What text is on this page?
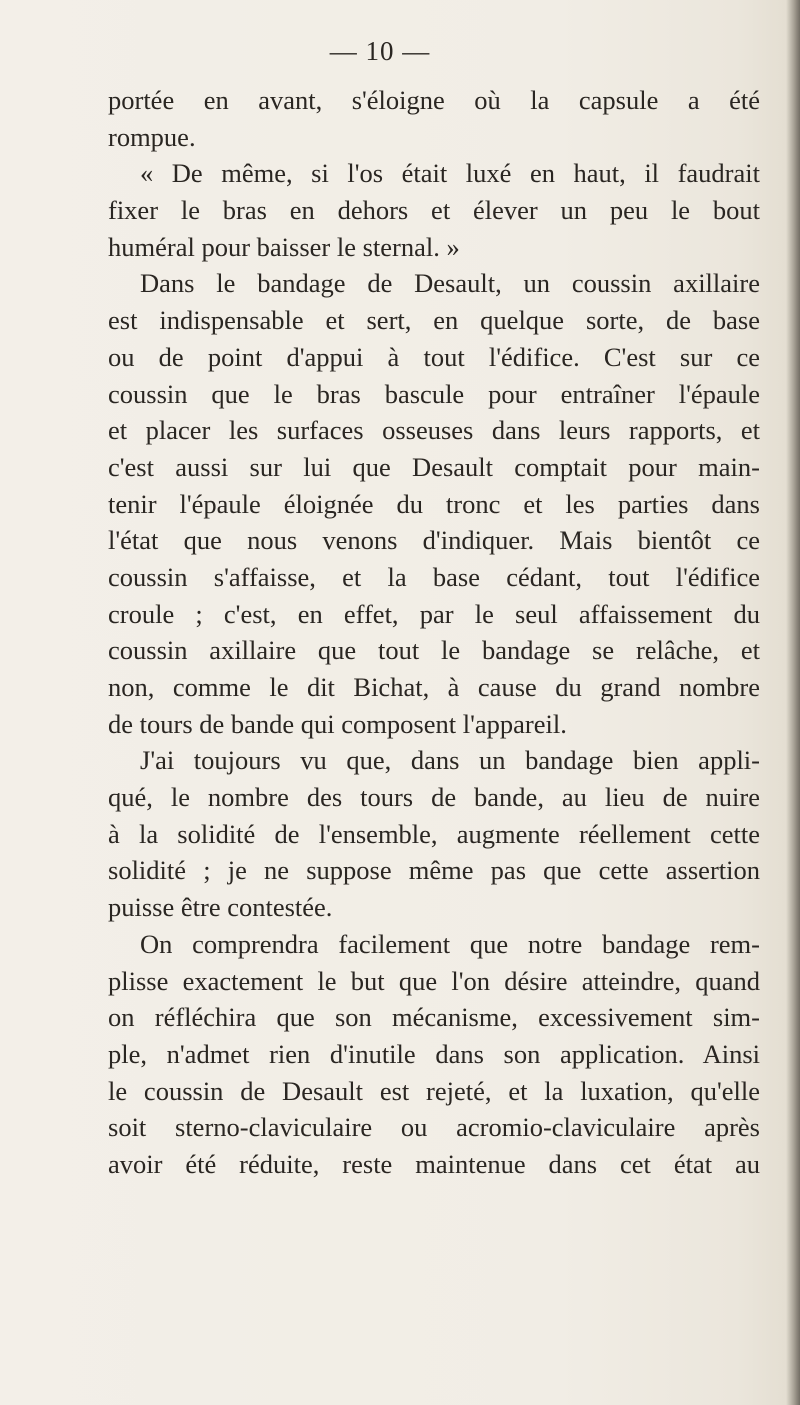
— 10 —
portée en avant, s'éloigne où la capsule a été
rompue.
« De même, si l'os était luxé en haut, il faudrait
fixer le bras en dehors et élever un peu le bout
huméral pour baisser le sternal. »
Dans le bandage de Desault, un coussin axillaire
est indispensable et sert, en quelque sorte, de base
ou de point d'appui à tout l'édifice. C'est sur ce
coussin que le bras bascule pour entraîner l'épaule
et placer les surfaces osseuses dans leurs rapports, et
c'est aussi sur lui que Desault comptait pour main-
tenir l'épaule éloignée du tronc et les parties dans
l'état que nous venons d'indiquer. Mais bientôt ce
coussin s'affaisse, et la base cédant, tout l'édifice
croule ; c'est, en effet, par le seul affaissement du
coussin axillaire que tout le bandage se relâche, et
non, comme le dit Bichat, à cause du grand nombre
de tours de bande qui composent l'appareil.
J'ai toujours vu que, dans un bandage bien appli-
qué, le nombre des tours de bande, au lieu de nuire
à la solidité de l'ensemble, augmente réellement cette
solidité ; je ne suppose même pas que cette assertion
puisse être contestée.
On comprendra facilement que notre bandage rem-
plisse exactement le but que l'on désire atteindre, quand
on réfléchira que son mécanisme, excessivement sim-
ple, n'admet rien d'inutile dans son application. Ainsi
le coussin de Desault est rejeté, et la luxation, qu'elle
soit sterno-claviculaire ou acromio-claviculaire après
avoir été réduite, reste maintenue dans cet état au
